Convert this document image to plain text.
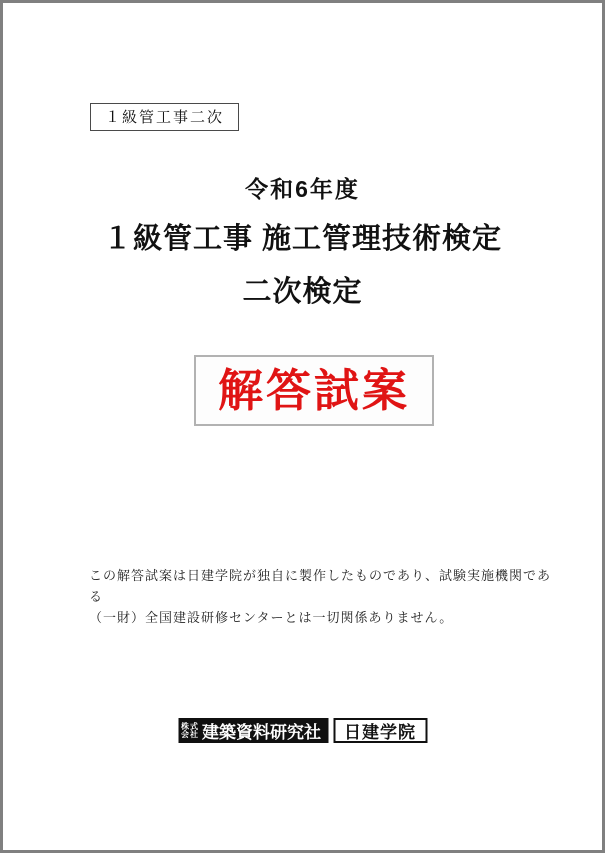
１級管工事二次
令和6年度
１級管工事 施工管理技術検定
二次検定
解答試案
この解答試案は日建学院が独自に製作したものであり、試験実施機関である
（一財）全国建設研修センターとは一切関係ありません。
株式
会社 建築資料研究社	日建学院
